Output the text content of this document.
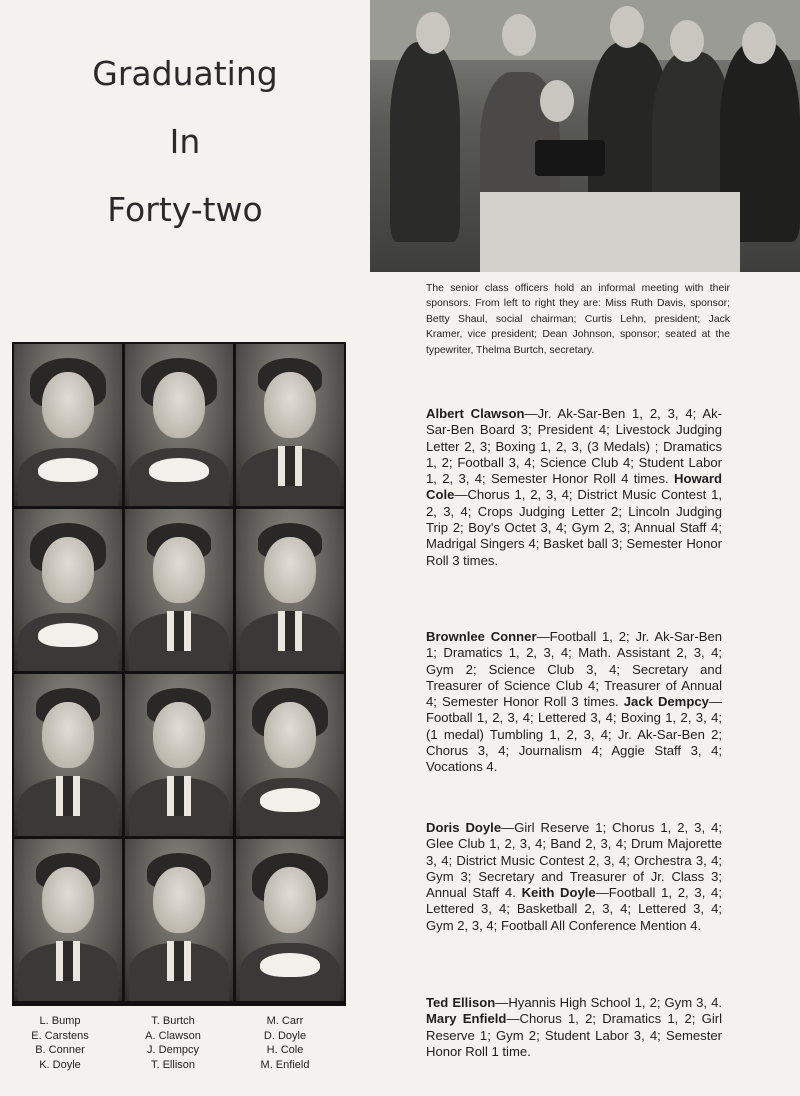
Graduating
In
Forty-two
The senior class officers hold an informal meeting with their sponsors. From left to right they are: Miss Ruth Davis, sponsor; Betty Shaul, social chairman; Curtis Lehn, president; Jack Kramer, vice president; Dean Johnson, sponsor; seated at the typewriter, Thelma Burtch, secretary.
L. Bump
E. Carstens
B. Conner
K. Doyle
T. Burtch
A. Clawson
J. Dempcy
T. Ellison
M. Carr
D. Doyle
H. Cole
M. Enfield
Albert Clawson

—Jr. Ak-Sar-Ben 1, 2, 3, 4; Ak-Sar-Ben Board 3; President 4; Livestock Judging Letter 2, 3; Boxing 1, 2, 3, (3 Medals) ; Dramatics 1, 2; Football 3, 4; Science Club 4; Student Labor 1, 2, 3, 4; Semester Honor Roll 4 times. Howard Cole

—Chorus 1, 2, 3, 4; District Music Contest 1, 2, 3, 4; Crops Judging Letter 2; Lincoln Judging Trip 2; Boy's Octet 3, 4; Gym 2, 3; Annual Staff 4; Madrigal Singers 4; Basket ball 3; Semester Honor Roll 3 times.

Brownlee Conner

—Football 1, 2; Jr. Ak-Sar-Ben 1; Dramatics 1, 2, 3, 4; Math. Assistant 2, 3, 4; Gym 2; Science Club 3, 4; Secretary and Treasurer of Science Club 4; Treasurer of Annual 4; Semester Honor Roll 3 times. Jack Dempcy

—Football 1, 2, 3, 4; Lettered 3, 4; Boxing 1, 2, 3, 4; (1 medal) Tumbling 1, 2, 3, 4; Jr. Ak-Sar-Ben 2; Chorus 3, 4; Journalism 4; Aggie Staff 3, 4; Vocations 4.

Doris Doyle

—Girl Reserve 1; Chorus 1, 2, 3, 4; Glee Club 1, 2, 3, 4; Band 2, 3, 4; Drum Majorette 3, 4; District Music Contest 2, 3, 4; Orchestra 3, 4; Gym 3; Secretary and Treasurer of Jr. Class 3; Annual Staff 4. Keith Doyle

—Football 1, 2, 3, 4; Lettered 3, 4; Basketball 2, 3, 4; Lettered 3, 4; Gym 2, 3, 4; Football All Conference Mention 4.

Ted Ellison

—Hyannis High School 1, 2; Gym 3, 4.

Mary Enfield

—Chorus 1, 2; Dramatics 1, 2; Girl Reserve 1; Gym 2; Student Labor 3, 4; Semester Honor Roll 1 time.
